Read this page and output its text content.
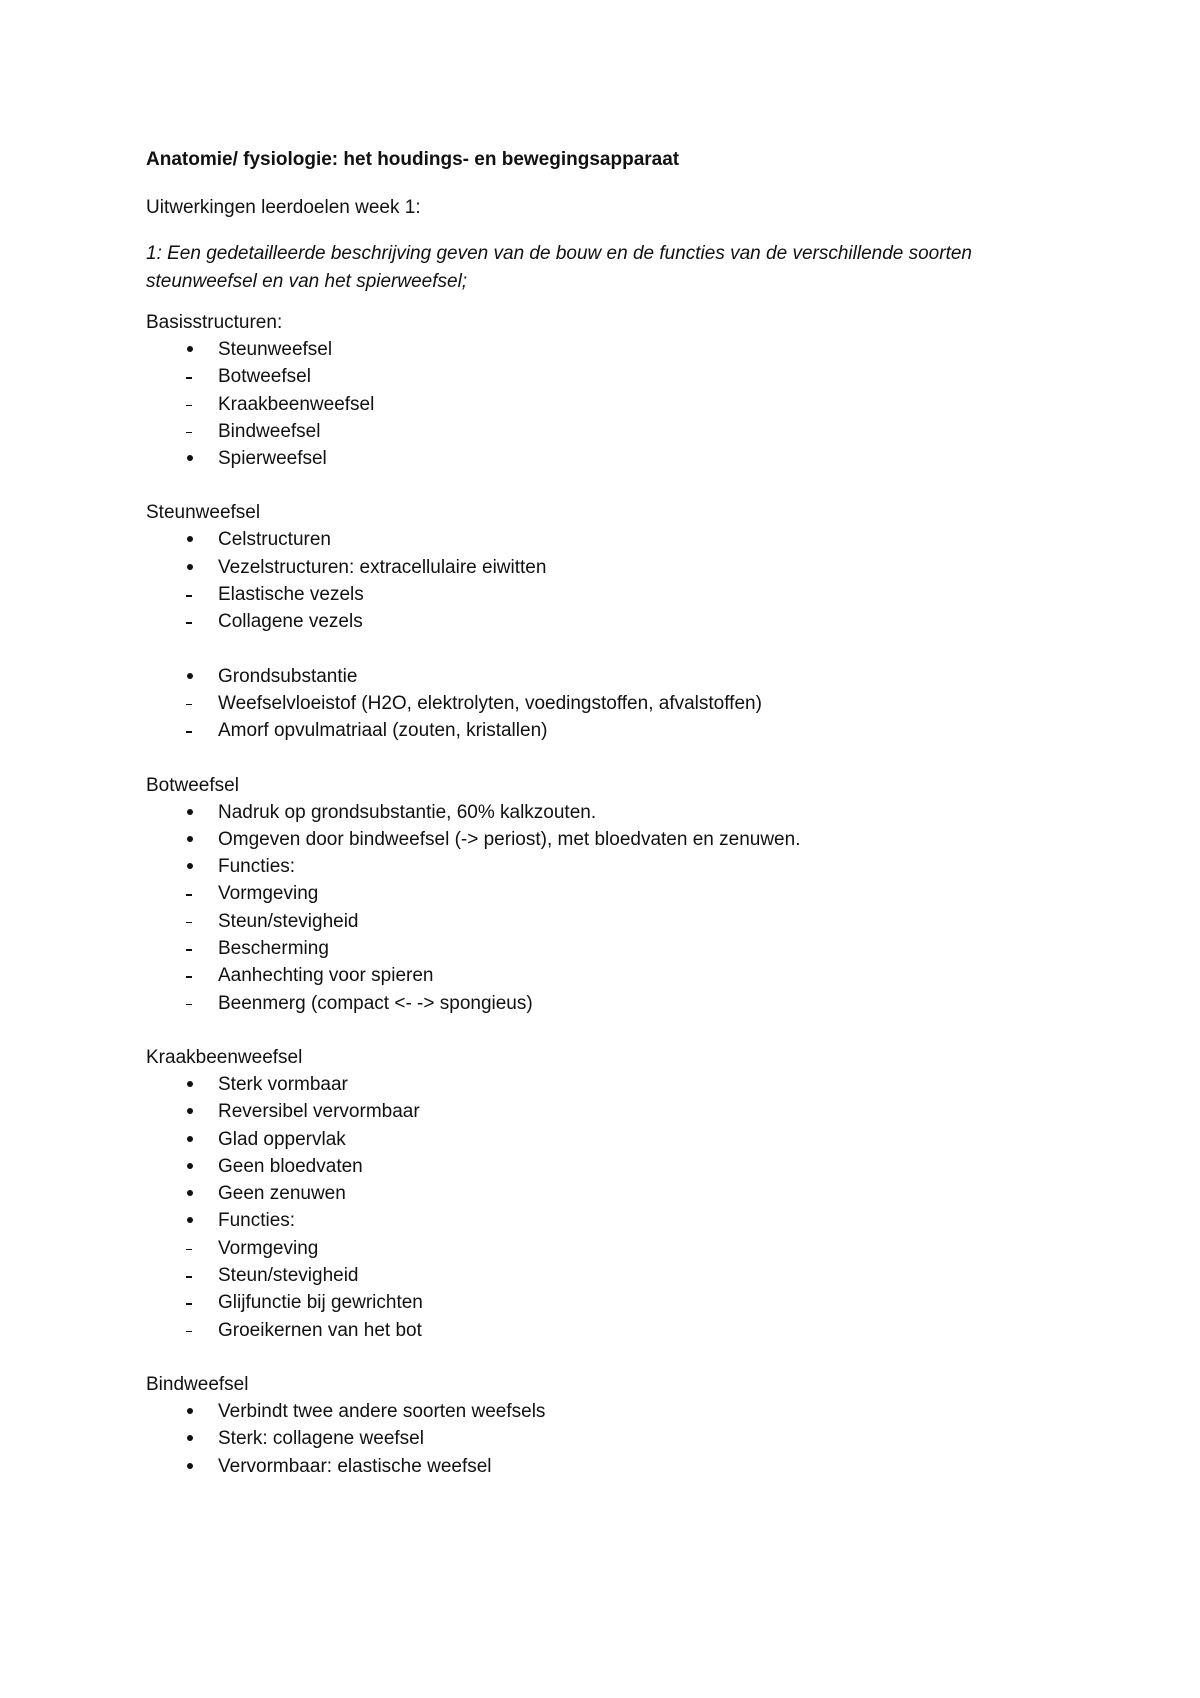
Anatomie/ fysiologie: het houdings- en bewegingsapparaat
Uitwerkingen leerdoelen week 1:
1: Een gedetailleerde beschrijving geven van de bouw en de functies van de verschillende soorten
steunweefsel en van het spierweefsel;
Basisstructuren:
Steunweefsel
Botweefsel
Kraakbeenweefsel
Bindweefsel
Spierweefsel
Steunweefsel
Celstructuren
Vezelstructuren: extracellulaire eiwitten
Elastische vezels
Collagene vezels
Grondsubstantie
Weefselvloeistof (H2O, elektrolyten, voedingstoffen, afvalstoffen)
Amorf opvulmatriaal (zouten, kristallen)
Botweefsel
Nadruk op grondsubstantie, 60% kalkzouten.
Omgeven door bindweefsel (-> periost), met bloedvaten en zenuwen.
Functies:
Vormgeving
Steun/stevigheid
Bescherming
Aanhechting voor spieren
Beenmerg (compact <- -> spongieus)
Kraakbeenweefsel
Sterk vormbaar
Reversibel vervormbaar
Glad oppervlak
Geen bloedvaten
Geen zenuwen
Functies:
Vormgeving
Steun/stevigheid
Glijfunctie bij gewrichten
Groeikernen van het bot
Bindweefsel
Verbindt twee andere soorten weefsels
Sterk: collagene weefsel
Vervormbaar: elastische weefsel
